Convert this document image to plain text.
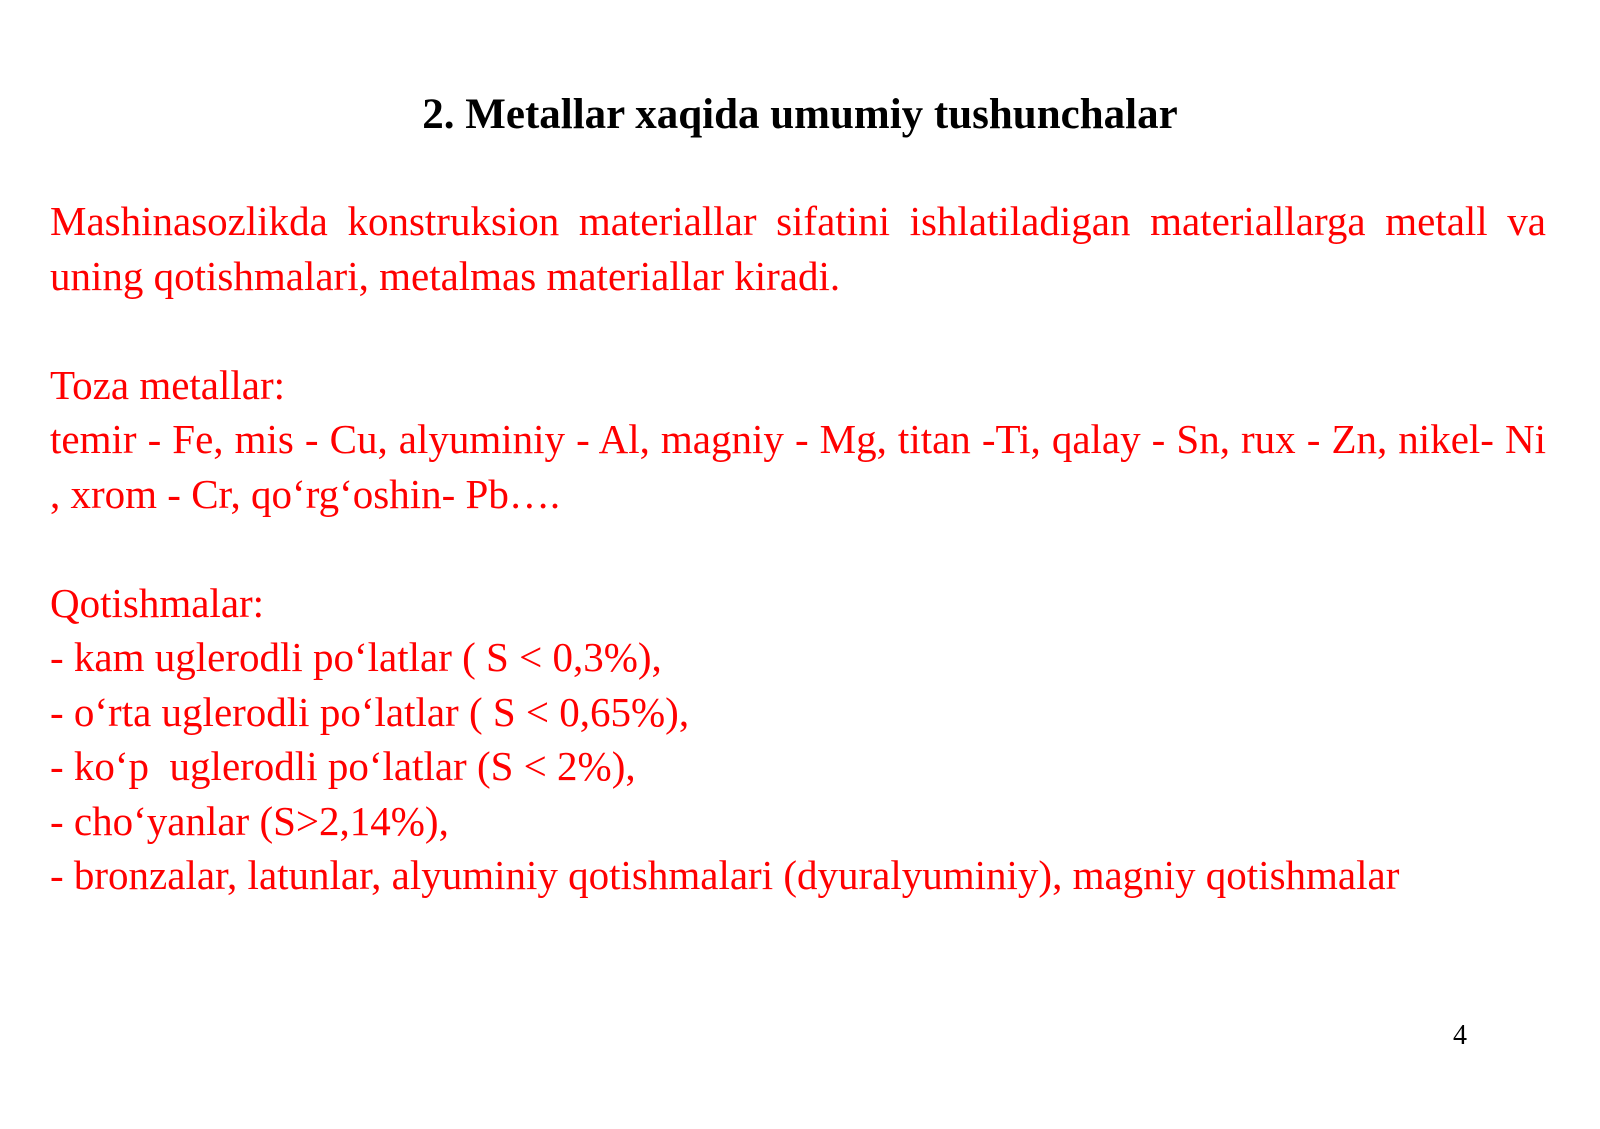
2. Metallar xaqida umumiy tushunchalar

Mashinasozlikda konstruksion materiallar sifatini ishlatiladigan materiallarga metall va uning qotishmalari, metalmas materiallar kiradi.

Toza metallar:

temir - Fe, mis - Cu, alyuminiy - Al, magniy - Mg, titan -Ti, qalay - Sn, rux - Zn, nikel- Ni , xrom - Cr, qo‘rg‘oshin- Pb….

Qotishmalar:

- kam uglerodli po‘latlar ( S < 0,3%),

- o‘rta uglerodli po‘latlar ( S < 0,65%),

- ko‘p  uglerodli po‘latlar (S < 2%),

- cho‘yanlar (S>2,14%),

- bronzalar, latunlar, alyuminiy qotishmalari (dyuralyuminiy), magniy qotishmalar

4
